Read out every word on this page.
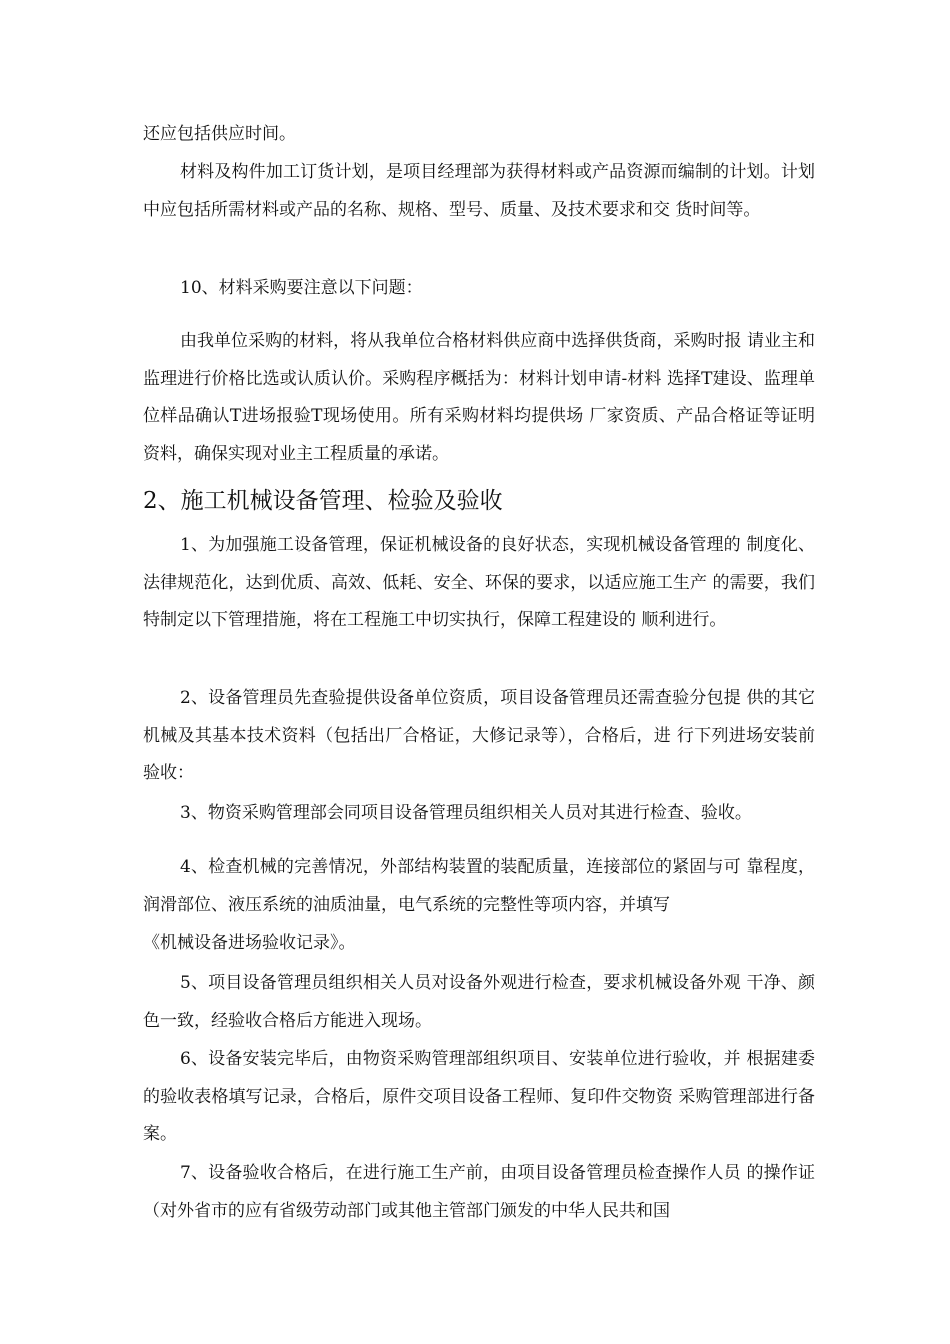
还应包括供应时间。

材料及构件加工订货计划，是项目经理部为获得材料或产品资源而编制的计划。计划中应包括所需材料或产品的名称、规格、型号、质量、及技术要求和交 货时间等。

10、材料采购要注意以下问题：

由我单位采购的材料，将从我单位合格材料供应商中选择供货商，采购时报 请业主和监理进行价格比选或认质认价。采购程序概括为：材料计划申请-材料 选择T建设、监理单位样品确认T进场报验T现场使用。所有采购材料均提供场 厂家资质、产品合格证等证明资料，确保实现对业主工程质量的承诺。

2、施工机械设备管理、检验及验收

1、为加强施工设备管理，保证机械设备的良好状态，实现机械设备管理的 制度化、法律规范化，达到优质、高效、低耗、安全、环保的要求，以适应施工生产 的需要，我们特制定以下管理措施，将在工程施工中切实执行，保障工程建设的 顺利进行。

2、设备管理员先查验提供设备单位资质，项目设备管理员还需查验分包提 供的其它机械及其基本技术资料（包括出厂合格证，大修记录等），合格后，进 行下列进场安装前验收：

3、物资采购管理部会同项目设备管理员组织相关人员对其进行检查、验收。

4、检查机械的完善情况，外部结构装置的装配质量，连接部位的紧固与可 靠程度，润滑部位、液压系统的油质油量，电气系统的完整性等项内容，并填写

《机械设备进场验收记录》。

5、项目设备管理员组织相关人员对设备外观进行检查，要求机械设备外观 干净、颜色一致，经验收合格后方能进入现场。

6、设备安装完毕后，由物资采购管理部组织项目、安装单位进行验收，并 根据建委的验收表格填写记录，合格后，原件交项目设备工程师、复印件交物资 采购管理部进行备案。

7、设备验收合格后，在进行施工生产前，由项目设备管理员检查操作人员 的操作证（对外省市的应有省级劳动部门或其他主管部门颁发的中华人民共和国
